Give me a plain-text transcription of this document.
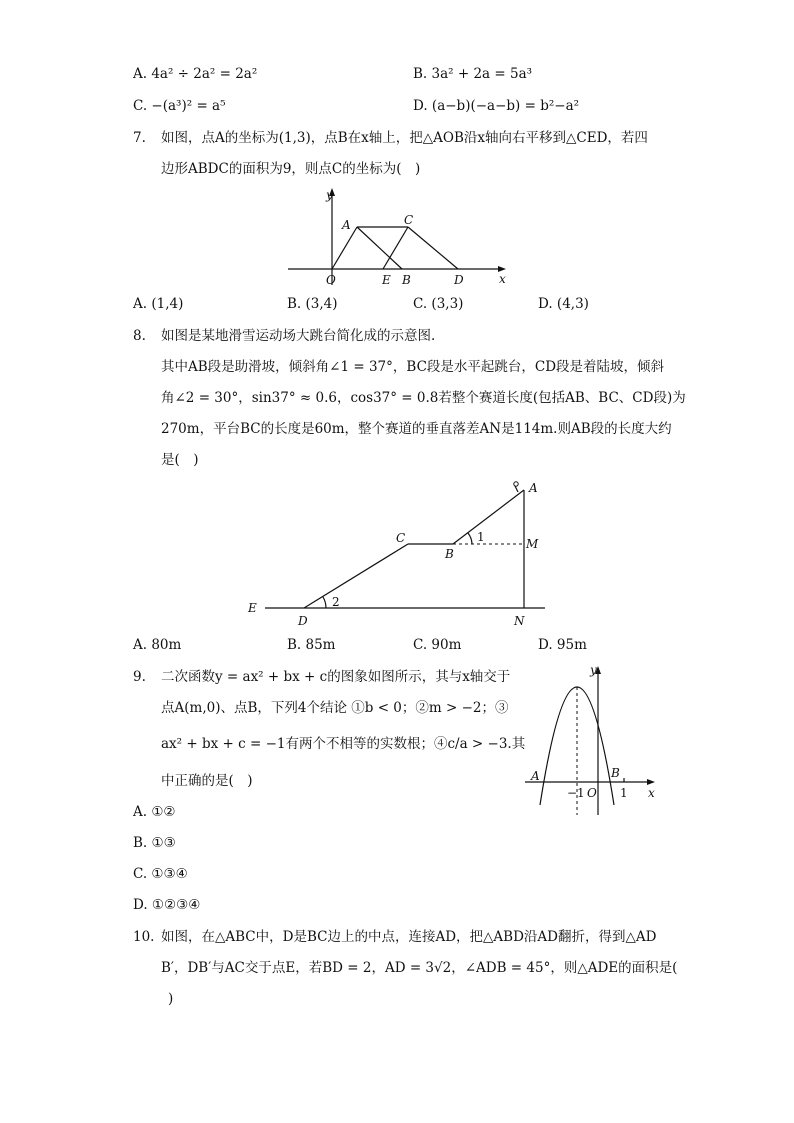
A. 4a² ÷ 2a² = 2a²	B. 3a² + 2a = 5a³
C. −(a³)² = a⁵	D. (a−b)(−a−b) = b²−a²
7. 如图，点A的坐标为(1,3)，点B在x轴上，把△AOB沿x轴向右平移到△CED，若四
边形ABDC的面积为9，则点C的坐标为(　)
y
x
A	C
O	E B	D
A. (1,4)	B. (3,4)	C. (3,3)	D. (4,3)
8. 如图是某地滑雪运动场大跳台简化成的示意图.
其中AB段是助滑坡，倾斜角∠1 = 37°，BC段是水平起跳台，CD段是着陆坡，倾斜
角∠2 = 30°，sin37° ≈ 0.6，cos37° = 0.8若整个赛道长度(包括AB、BC、CD段)为
270m，平台BC的长度是60m，整个赛道的垂直落差AN是114m.则AB段的长度大约
是(　)
A
B
C	M
E
D	N
1
2
A. 80m	B. 85m	C. 90m	D. 95m
9. 二次函数y = ax² + bx + c的图象如图所示，其与x轴交于
点A(m,0)、点B，下列4个结论 ①b < 0；②m > −2；③
ax² + bx + c = −1有两个不相等的实数根；④c/a > −3.其
中正确的是(　)
y
x
A	B
O
−1	1
A. ①②
B. ①③
C. ①③④
D. ①②③④
10. 如图，在△ABC中，D是BC边上的中点，连接AD，把△ABD沿AD翻折，得到△AD
B′，DB′与AC交于点E，若BD = 2，AD = 3√2，∠ADB = 45°，则△ADE的面积是(
)
